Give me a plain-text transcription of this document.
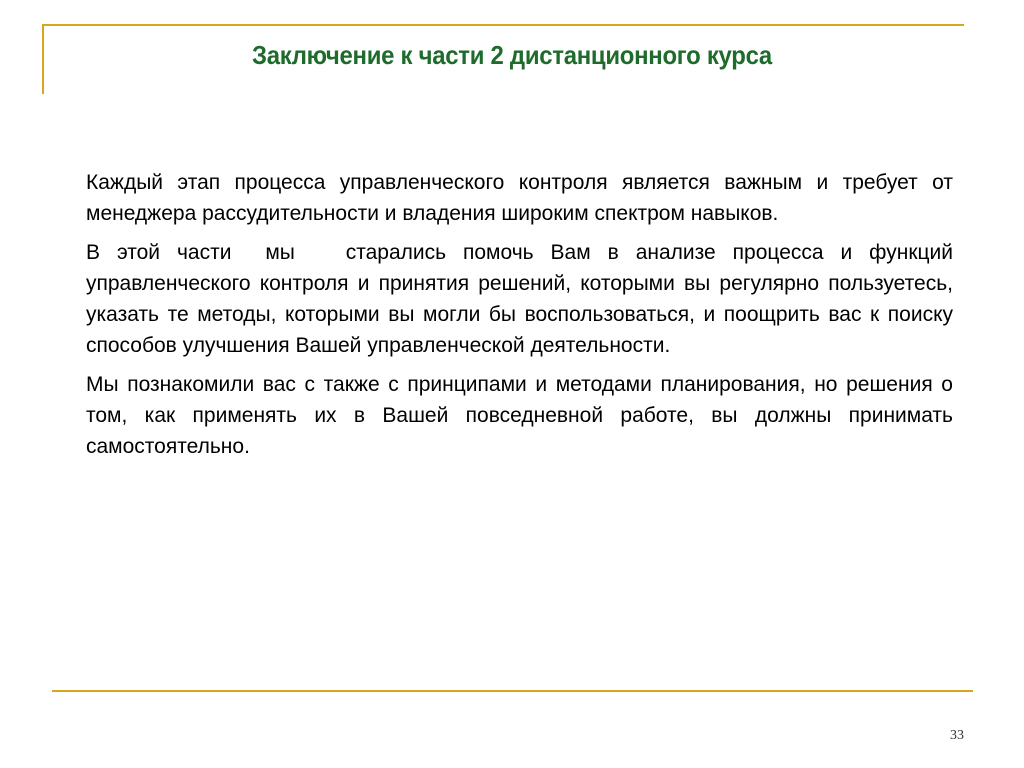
Заключение к части 2 дистанционного курса

Каждый этап процесса управленческого контроля является важным и требует от менеджера рассудительности и владения широким спектром навыков.

В этой части  мы   старались помочь Вам в анализе процесса и функций управленческого контроля и принятия решений, которыми вы регулярно пользуетесь, указать те методы, которыми вы могли бы воспользоваться, и поощрить вас к поиску способов улучшения Вашей управленческой деятельности.

Мы познакомили вас с также с принципами и методами планирования, но решения о том, как применять их в Вашей повседневной работе, вы должны принимать самостоятельно.

33
